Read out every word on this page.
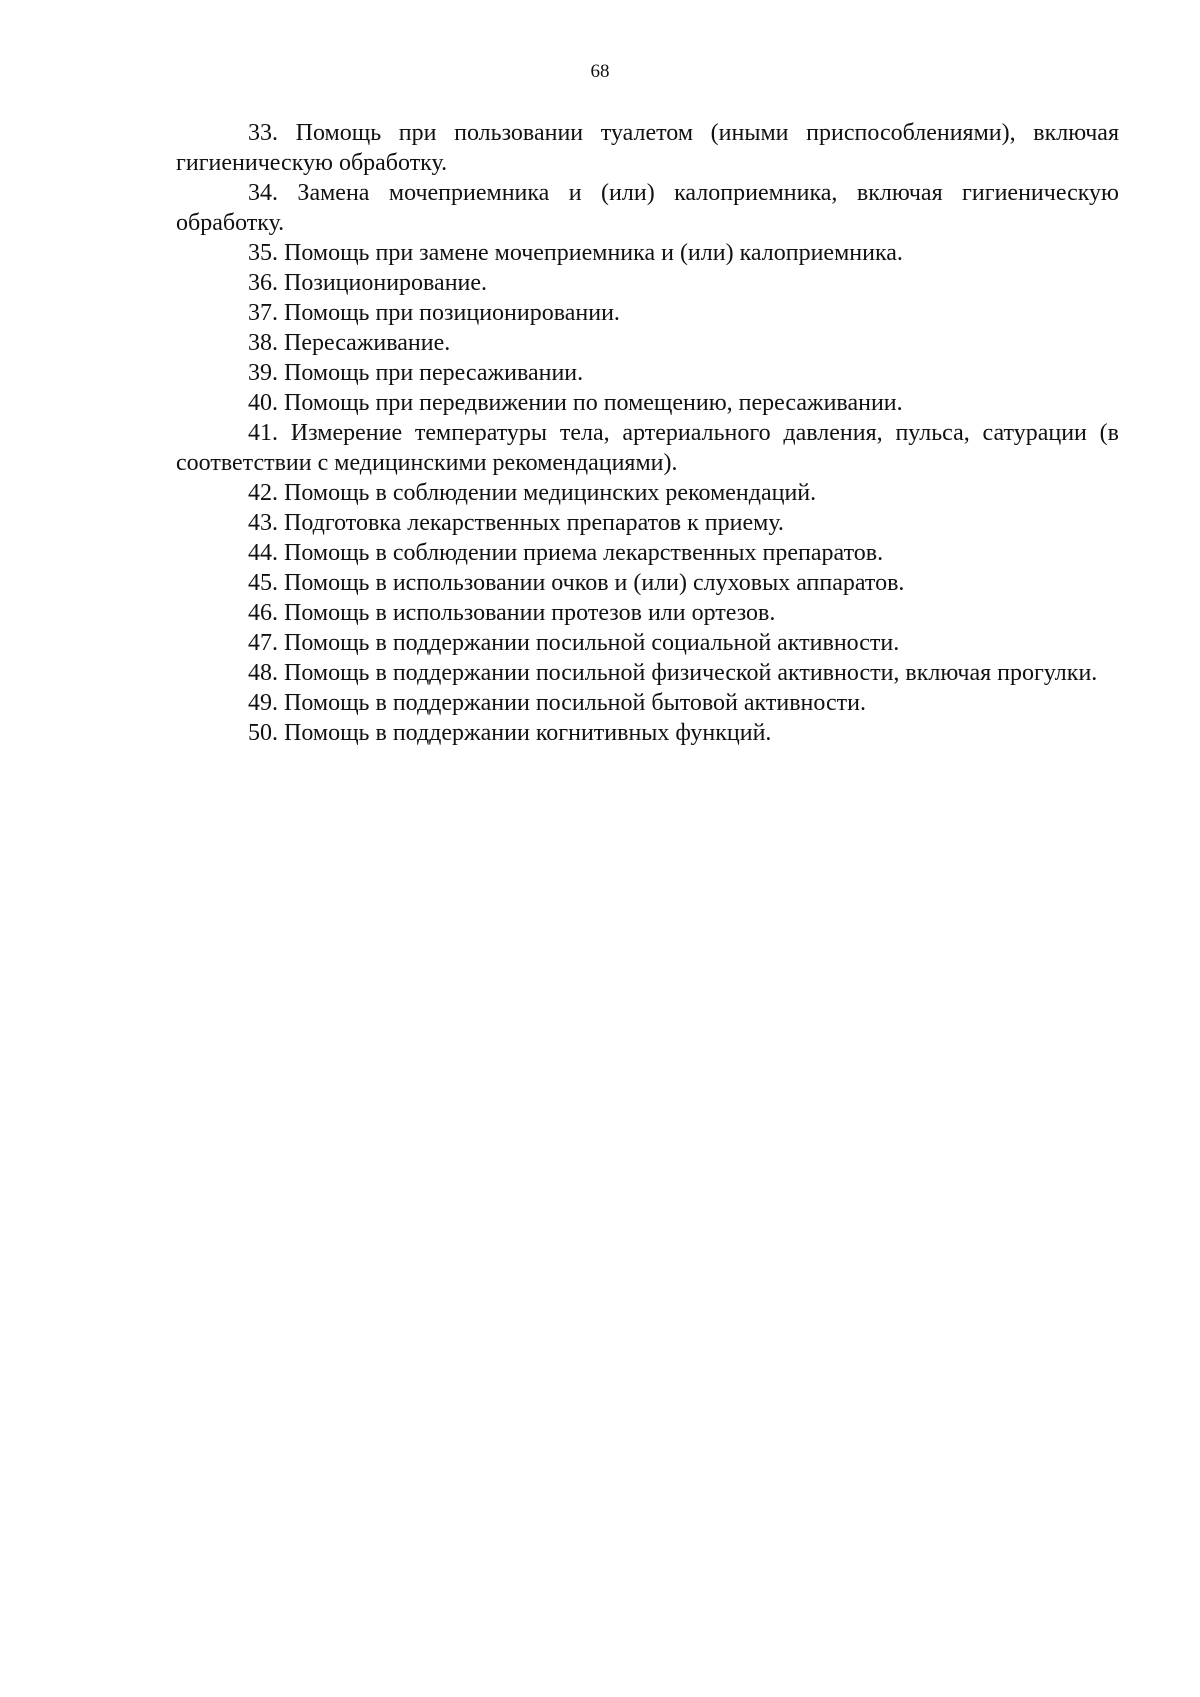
68

33. Помощь при пользовании туалетом (иными приспособлениями), включая гигиеническую обработку.

34. Замена мочеприемника и (или) калоприемника, включая гигиеническую обработку.

35. Помощь при замене мочеприемника и (или) калоприемника.

36. Позиционирование.

37. Помощь при позиционировании.

38. Пересаживание.

39. Помощь при пересаживании.

40. Помощь при передвижении по помещению, пересаживании.

41. Измерение температуры тела, артериального давления, пульса, сатурации (в соответствии с медицинскими рекомендациями).

42. Помощь в соблюдении медицинских рекомендаций.

43. Подготовка лекарственных препаратов к приему.

44. Помощь в соблюдении приема лекарственных препаратов.

45. Помощь в использовании очков и (или) слуховых аппаратов.

46. Помощь в использовании протезов или ортезов.

47. Помощь в поддержании посильной социальной активности.

48. Помощь в поддержании посильной физической активности, включая прогулки.

49. Помощь в поддержании посильной бытовой активности.

50. Помощь в поддержании когнитивных функций.
